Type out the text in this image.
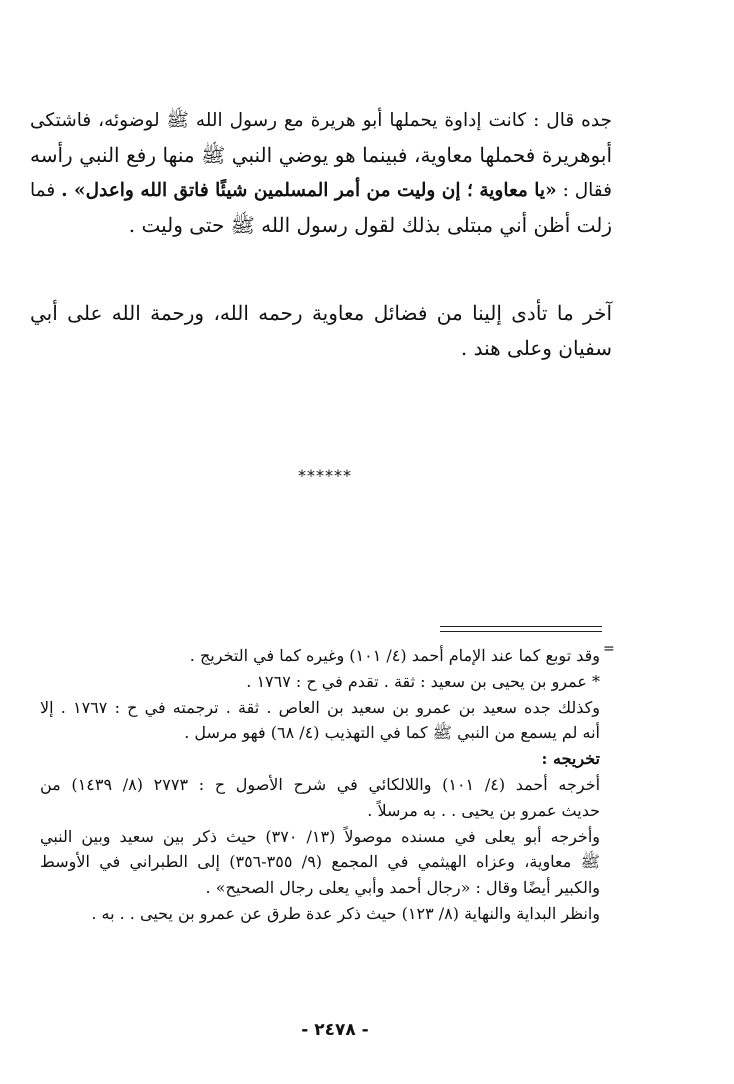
جده قال : كانت إداوة يحملها أبو هريرة مع رسول الله ﷺ لوضوئه، فاشتكى
أبوهريرة فحملها معاوية، فبينما هو يوضي النبي ﷺ منها رفع النبي رأسه
فقال : «يا معاوية ؛ إن وليت من أمر المسلمين شيئًا فاتق الله واعدل» . فما
زلت أظن أني مبتلى بذلك لقول رسول الله ﷺ حتى وليت .
آخر ما تأدى إلينا من فضائل معاوية رحمه الله، ورحمة الله على أبي
سفيان وعلى هند .
******
=
وقد توبع كما عند الإمام أحمد (٤/ ١٠١) وغيره كما في التخريج .
* عمرو بن يحيى بن سعيد : ثقة . تقدم في ح : ١٧٦٧ .
وكذلك جده سعيد بن عمرو بن سعيد بن العاص . ثقة . ترجمته في ح : ١٧٦٧ . إلا
أنه لم يسمع من النبي ﷺ كما في التهذيب (٤/ ٦٨) فهو مرسل .
تخريجه :
أخرجه أحمد (٤/ ١٠١) واللالكائي في شرح الأصول ح : ٢٧٧٣ (٨/ ١٤٣٩) من
حديث عمرو بن يحيى . . به مرسلاً .
وأخرجه أبو يعلى في مسنده موصولاً (١٣/ ٣٧٠) حيث ذكر بين سعيد وبين النبي
ﷺ معاوية، وعزاه الهيثمي في المجمع (٩/ ٣٥٥-٣٥٦) إلى الطبراني في الأوسط
والكبير أيضًا وقال : «رجال أحمد وأبي يعلى رجال الصحيح» .
وانظر البداية والنهاية (٨/ ١٢٣) حيث ذكر عدة طرق عن عمرو بن يحيى . . به .
- ٢٤٧٨ -
